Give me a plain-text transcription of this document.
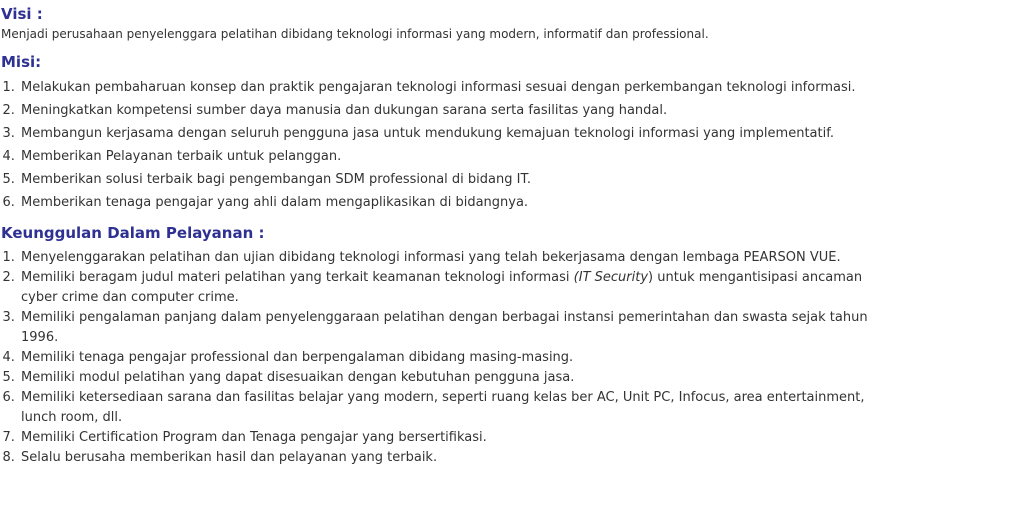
Visi :

Menjadi perusahaan penyelenggara pelatihan dibidang teknologi informasi yang modern, informatif dan professional.

Misi:
1. Melakukan pembaharuan konsep dan praktik pengajaran teknologi informasi sesuai dengan perkembangan teknologi informasi.
2. Meningkatkan kompetensi sumber daya manusia dan dukungan sarana serta fasilitas yang handal.
3. Membangun kerjasama dengan seluruh pengguna jasa untuk mendukung kemajuan teknologi informasi yang implementatif.
4. Memberikan Pelayanan terbaik untuk pelanggan.
5. Memberikan solusi terbaik bagi pengembangan SDM professional di bidang IT.
6. Memberikan tenaga pengajar yang ahli dalam mengaplikasikan di bidangnya.
Keunggulan Dalam Pelayanan :
1. Menyelenggarakan pelatihan dan ujian dibidang teknologi informasi yang telah bekerjasama dengan lembaga PEARSON VUE.
2. Memiliki beragam judul materi pelatihan yang terkait keamanan teknologi informasi (IT Security) untuk mengantisipasi ancaman cyber crime dan computer crime.
3. Memiliki pengalaman panjang dalam penyelenggaraan pelatihan dengan berbagai instansi pemerintahan dan swasta sejak tahun 1996.
4. Memiliki tenaga pengajar professional dan berpengalaman dibidang masing-masing.
5. Memiliki modul pelatihan yang dapat disesuaikan dengan kebutuhan pengguna jasa.
6. Memiliki ketersediaan sarana dan fasilitas belajar yang modern, seperti ruang kelas ber AC, Unit PC, Infocus, area entertainment, lunch room, dll.
7. Memiliki Certification Program dan Tenaga pengajar yang bersertifikasi.
8. Selalu berusaha memberikan hasil dan pelayanan yang terbaik.
